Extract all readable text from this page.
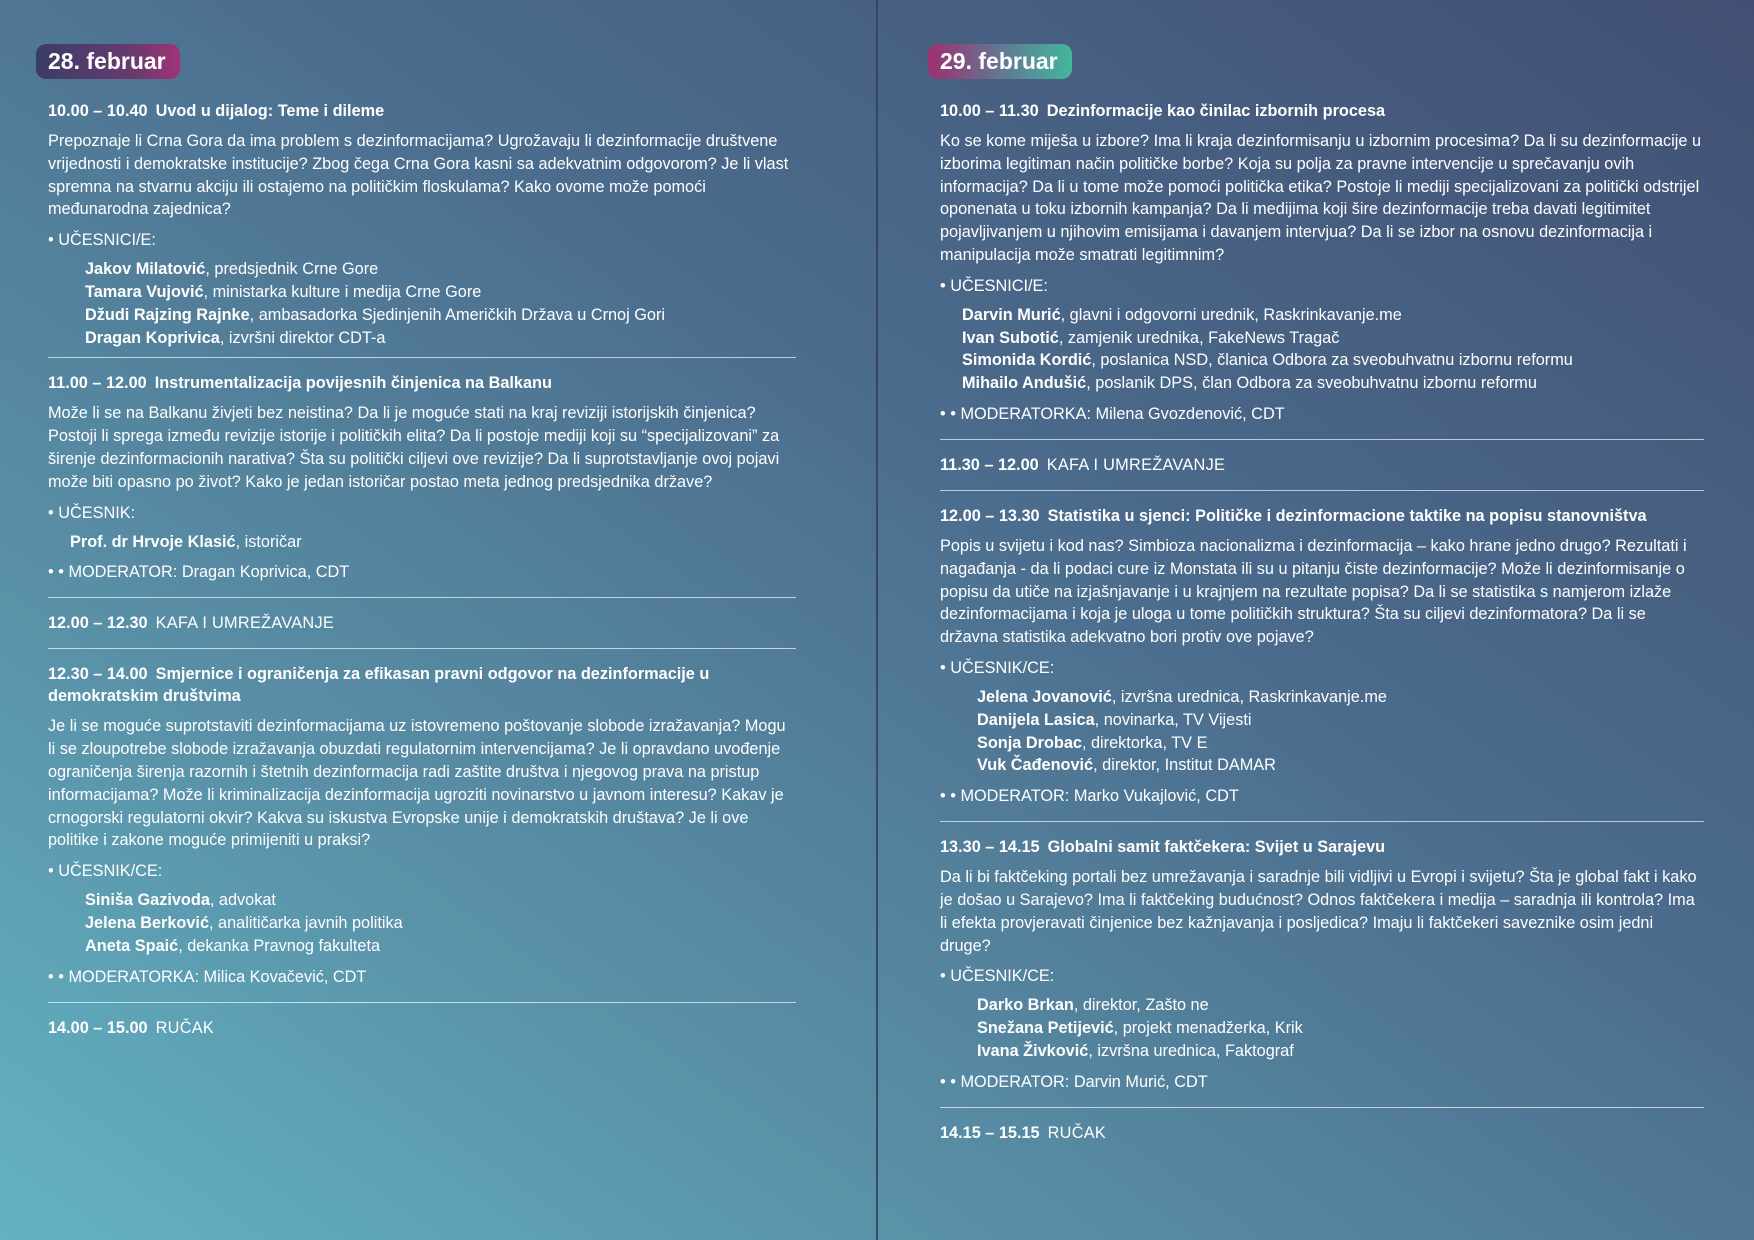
28. februar
10.00 – 10.40 Uvod u dijalog: Teme i dileme
Prepoznaje li Crna Gora da ima problem s dezinformacijama? Ugrožavaju li dezinformacije društvene vrijednosti i demokratske institucije? Zbog čega Crna Gora kasni sa adekvatnim odgovorom? Je li vlast spremna na stvarnu akciju ili ostajemo na političkim floskulama? Kako ovome može pomoći međunarodna zajednica?
• UČESNICI/E:
Jakov Milatović, predsjednik Crne Gore
Tamara Vujović, ministarka kulture i medija Crne Gore
Džudi Rajzing Rajnke, ambasadorka Sjedinjenih Američkih Država u Crnoj Gori
Dragan Koprivica, izvršni direktor CDT-a
11.00 – 12.00 Instrumentalizacija povijesnih činjenica na Balkanu
Može li se na Balkanu živjeti bez neistina? Da li je moguće stati na kraj reviziji istorijskih činjenica? Postoji li sprega između revizije istorije i političkih elita? Da li postoje mediji koji su “specijalizovani” za širenje dezinformacionih narativa? Šta su politički ciljevi ove revizije? Da li suprotstavljanje ovoj pojavi može biti opasno po život? Kako je jedan istoričar postao meta jednog predsjednika države?
• UČESNIK:
Prof. dr Hrvoje Klasić, istoričar
• • MODERATOR: Dragan Koprivica, CDT
12.00 – 12.30 KAFA I UMREŽAVANJE
12.30 – 14.00 Smjernice i ograničenja za efikasan pravni odgovor na dezinformacije u demokratskim društvima
Je li se moguće suprotstaviti dezinformacijama uz istovremeno poštovanje slobode izražavanja? Mogu li se zloupotrebe slobode izražavanja obuzdati regulatornim intervencijama? Je li opravdano uvođenje ograničenja širenja razornih i štetnih dezinformacija radi zaštite društva i njegovog prava na pristup informacijama? Može li kriminalizacija dezinformacija ugroziti novinarstvo u javnom interesu? Kakav je crnogorski regulatorni okvir? Kakva su iskustva Evropske unije i demokratskih društava? Je li ove politike i zakone moguće primijeniti u praksi?
• UČESNIK/CE:
Siniša Gazivoda, advokat
Jelena Berković, analitičarka javnih politika
Aneta Spaić, dekanka Pravnog fakulteta
• • MODERATORKA: Milica Kovačević, CDT
14.00 – 15.00 RUČAK
29. februar
10.00 – 11.30 Dezinformacije kao činilac izbornih procesa
Ko se kome miješa u izbore? Ima li kraja dezinformisanju u izbornim procesima? Da li su dezinformacije u izborima legitiman način političke borbe? Koja su polja za pravne intervencije u sprečavanju ovih informacija? Da li u tome može pomoći politička etika? Postoje li mediji specijalizovani za politički odstrijel oponenata u toku izbornih kampanja? Da li medijima koji šire dezinformacije treba davati legitimitet pojavljivanjem u njihovim emisijama i davanjem intervjua? Da li se izbor na osnovu dezinformacija i manipulacija može smatrati legitimnim?
• UČESNICI/E:
Darvin Murić, glavni i odgovorni urednik, Raskrinkavanje.me
Ivan Subotić, zamjenik urednika, FakeNews Tragač
Simonida Kordić, poslanica NSD, članica Odbora za sveobuhvatnu izbornu reformu
Mihailo Andušić, poslanik DPS, član Odbora za sveobuhvatnu izbornu reformu
• • MODERATORKA: Milena Gvozdenović, CDT
11.30 – 12.00 KAFA I UMREŽAVANJE
12.00 – 13.30 Statistika u sjenci: Političke i dezinformacione taktike na popisu stanovništva
Popis u svijetu i kod nas? Simbioza nacionalizma i dezinformacija – kako hrane jedno drugo? Rezultati i nagađanja - da li podaci cure iz Monstata ili su u pitanju čiste dezinformacije? Može li dezinformisanje o popisu da utiče na izjašnjavanje i u krajnjem na rezultate popisa? Da li se statistika s namjerom izlaže dezinformacijama i koja je uloga u tome političkih struktura? Šta su ciljevi dezinformatora? Da li se državna statistika adekvatno bori protiv ove pojave?
• UČESNIK/CE:
Jelena Jovanović, izvršna urednica, Raskrinkavanje.me
Danijela Lasica, novinarka, TV Vijesti
Sonja Drobac, direktorka, TV E
Vuk Čađenović, direktor, Institut DAMAR
• • MODERATOR: Marko Vukajlović, CDT
13.30 – 14.15 Globalni samit faktčekera: Svijet u Sarajevu
Da li bi faktčeking portali bez umrežavanja i saradnje bili vidljivi u Evropi i svijetu? Šta je global fakt i kako je došao u Sarajevo? Ima li faktčeking budućnost? Odnos faktčekera i medija – saradnja ili kontrola? Ima li efekta provjeravati činjenice bez kažnjavanja i posljedica? Imaju li faktčekeri saveznike osim jedni druge?
• UČESNIK/CE:
Darko Brkan, direktor, Zašto ne
Snežana Petijević, projekt menadžerka, Krik
Ivana Živković, izvršna urednica, Faktograf
• • MODERATOR: Darvin Murić, CDT
14.15 – 15.15 RUČAK
